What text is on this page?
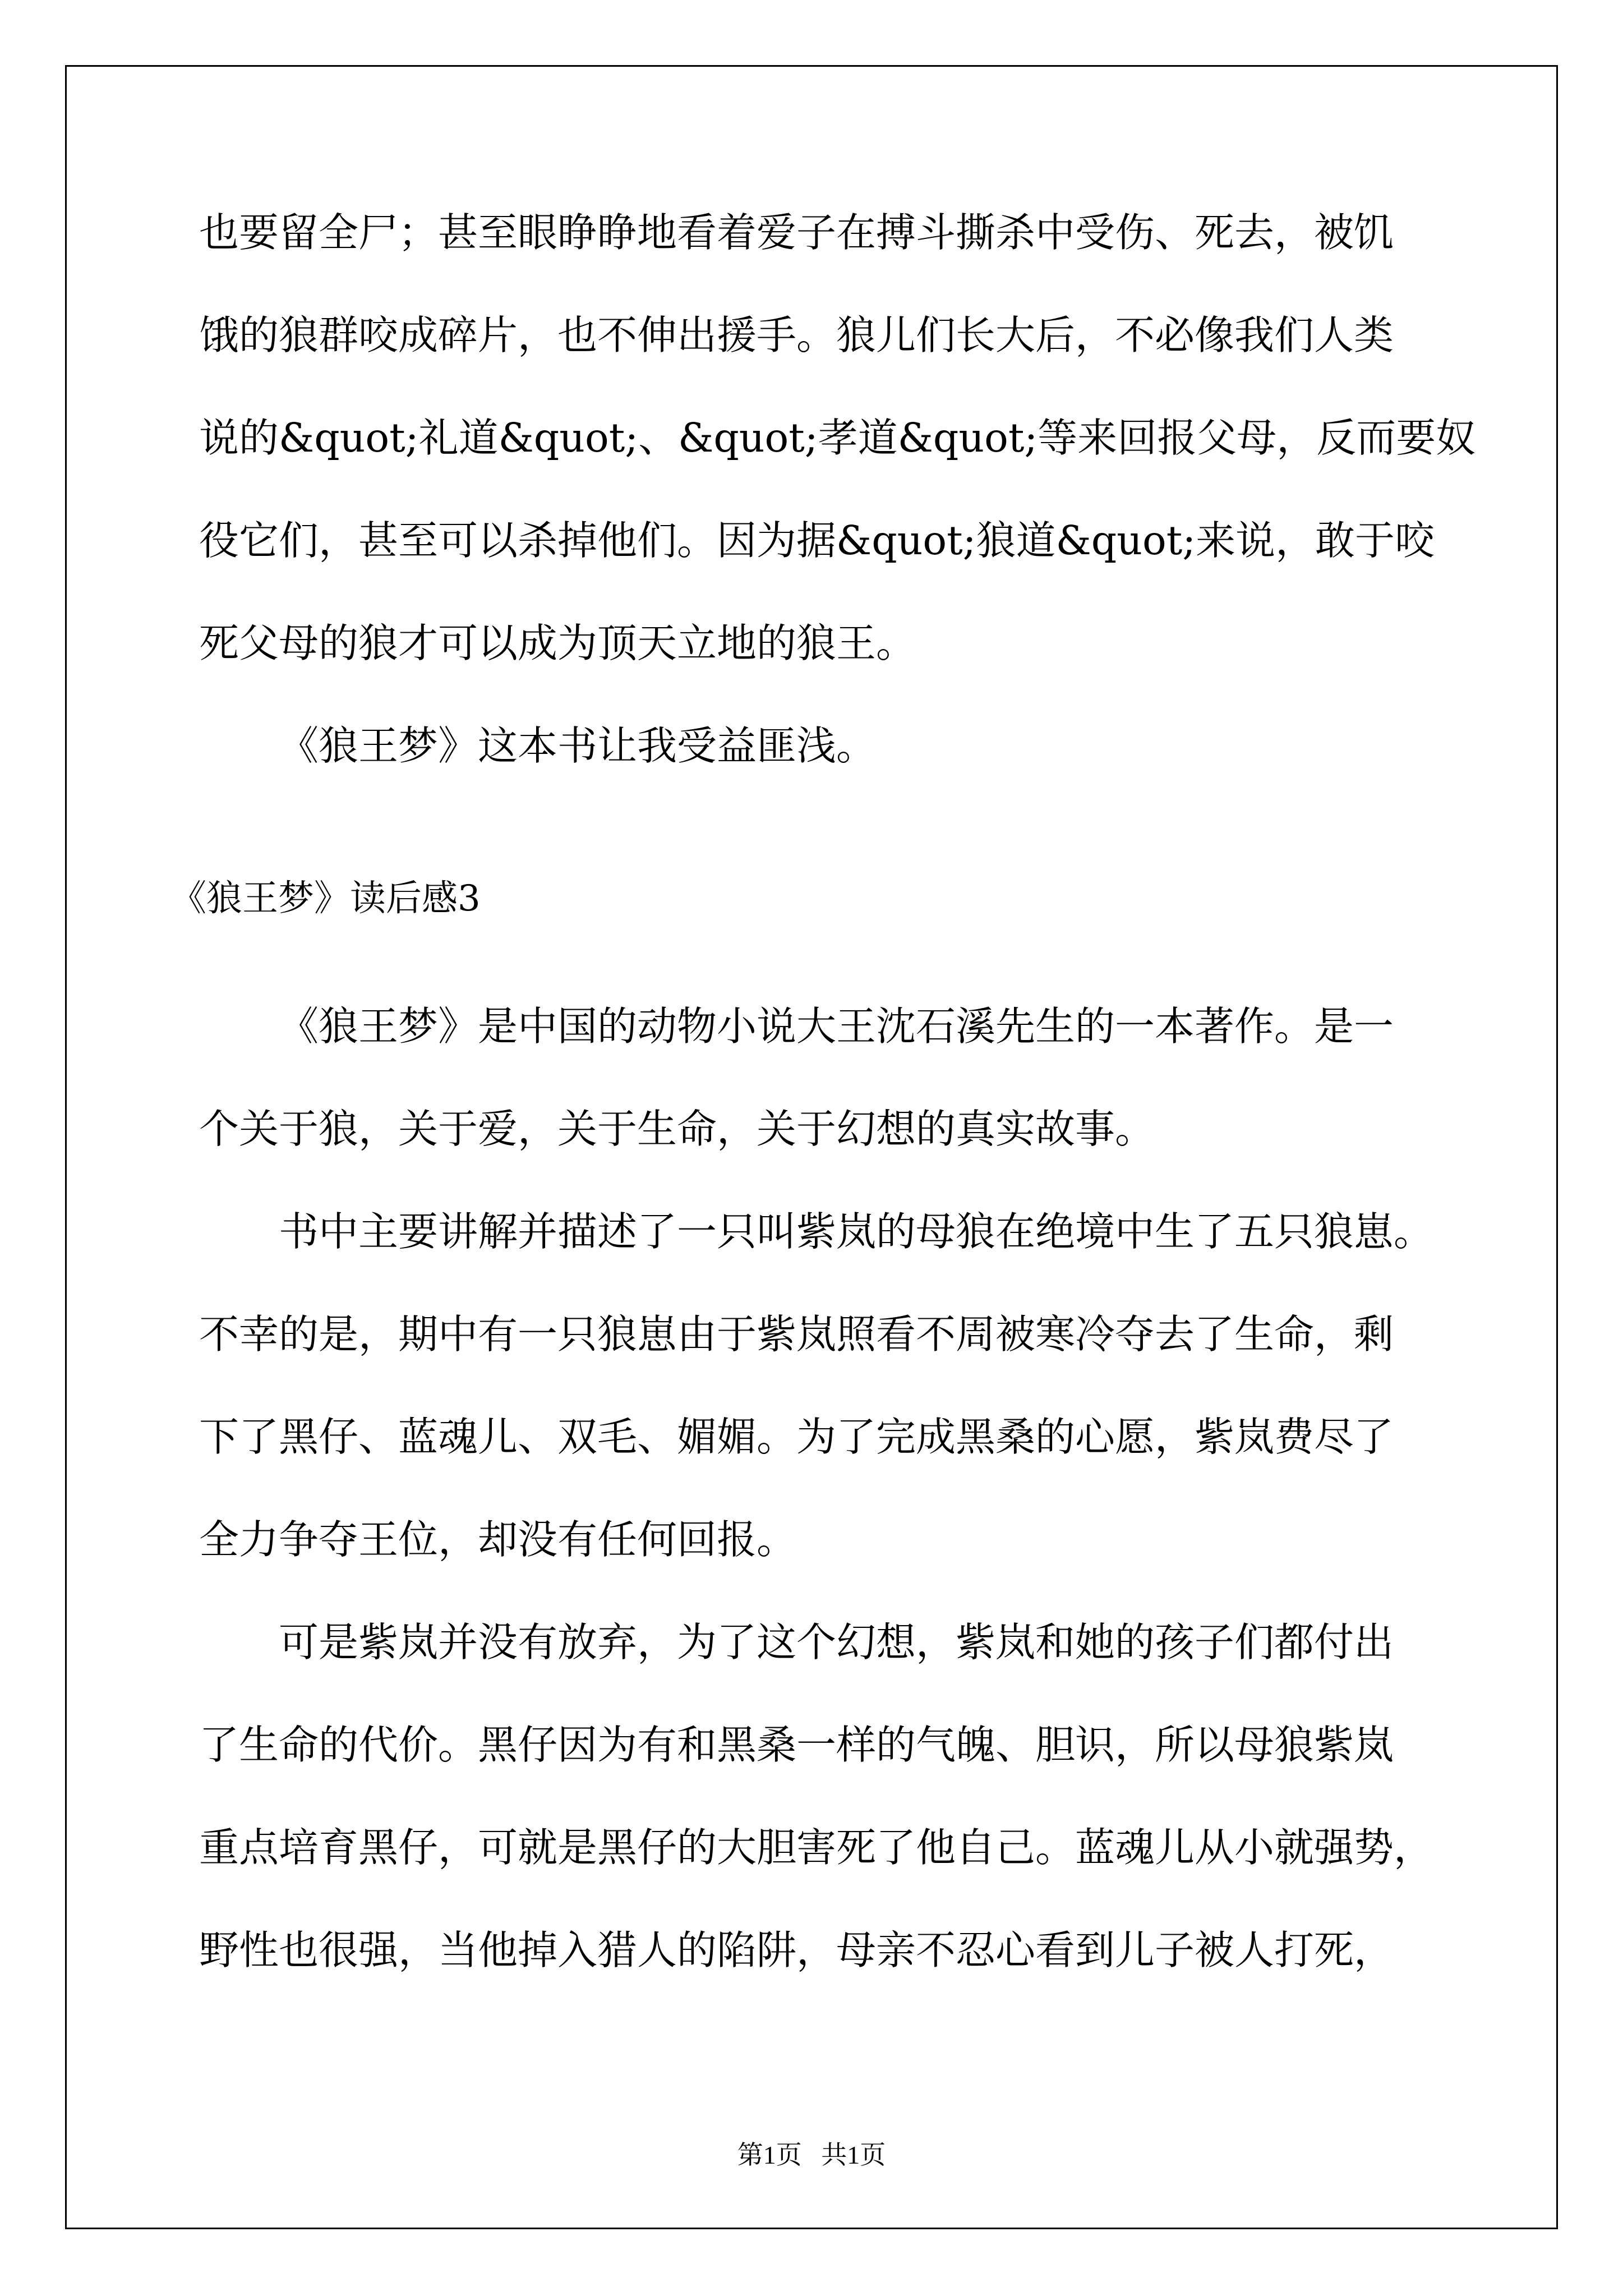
也要留全尸；甚至眼睁睁地看着爱子在搏斗撕杀中受伤、死去，被饥
饿的狼群咬成碎片，也不伸出援手。狼儿们长大后，不必像我们人类
说的&quot;礼道&quot;、&quot;孝道&quot;等来回报父母，反而要奴
役它们，甚至可以杀掉他们。因为据&quot;狼道&quot;来说，敢于咬
死父母的狼才可以成为顶天立地的狼王。
《狼王梦》这本书让我受益匪浅。
《狼王梦》读后感3
《狼王梦》是中国的动物小说大王沈石溪先生的一本著作。是一
个关于狼，关于爱，关于生命，关于幻想的真实故事。
书中主要讲解并描述了一只叫紫岚的母狼在绝境中生了五只狼崽。
不幸的是，期中有一只狼崽由于紫岚照看不周被寒冷夺去了生命，剩
下了黑仔、蓝魂儿、双毛、媚媚。为了完成黑桑的心愿，紫岚费尽了
全力争夺王位，却没有任何回报。
可是紫岚并没有放弃，为了这个幻想，紫岚和她的孩子们都付出
了生命的代价。黑仔因为有和黑桑一样的气魄、胆识，所以母狼紫岚
重点培育黑仔，可就是黑仔的大胆害死了他自己。蓝魂儿从小就强势，
野性也很强，当他掉入猎人的陷阱，母亲不忍心看到儿子被人打死，
第1页   共1页
